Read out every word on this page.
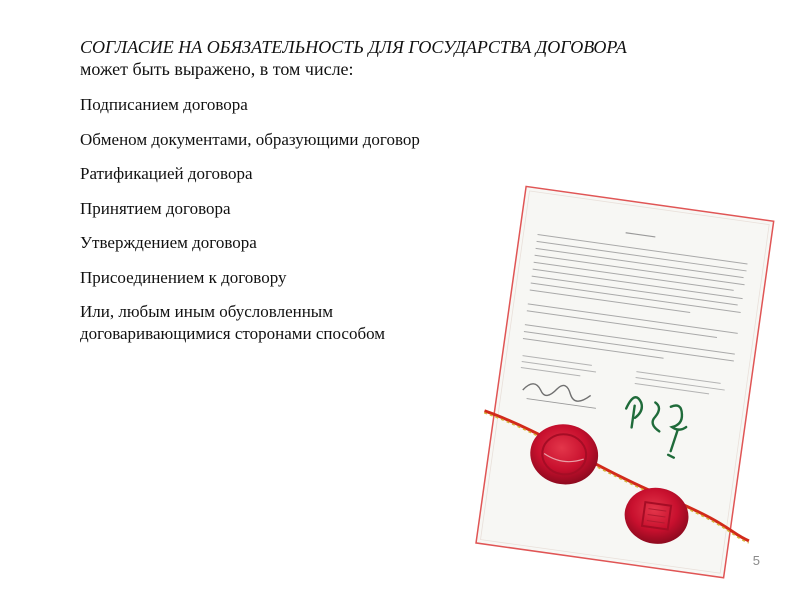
СОГЛАСИЕ НА ОБЯЗАТЕЛЬНОСТЬ ДЛЯ ГОСУДАРСТВА ДОГОВОРА
может быть выражено, в том числе:
Подписанием договора
Обменом документами, образующими договор
Ратификацией договора
Принятием договора
Утверждением договора
Присоединением к договору
Или, любым иным обусловленным
договаривающимися сторонами способом
5
